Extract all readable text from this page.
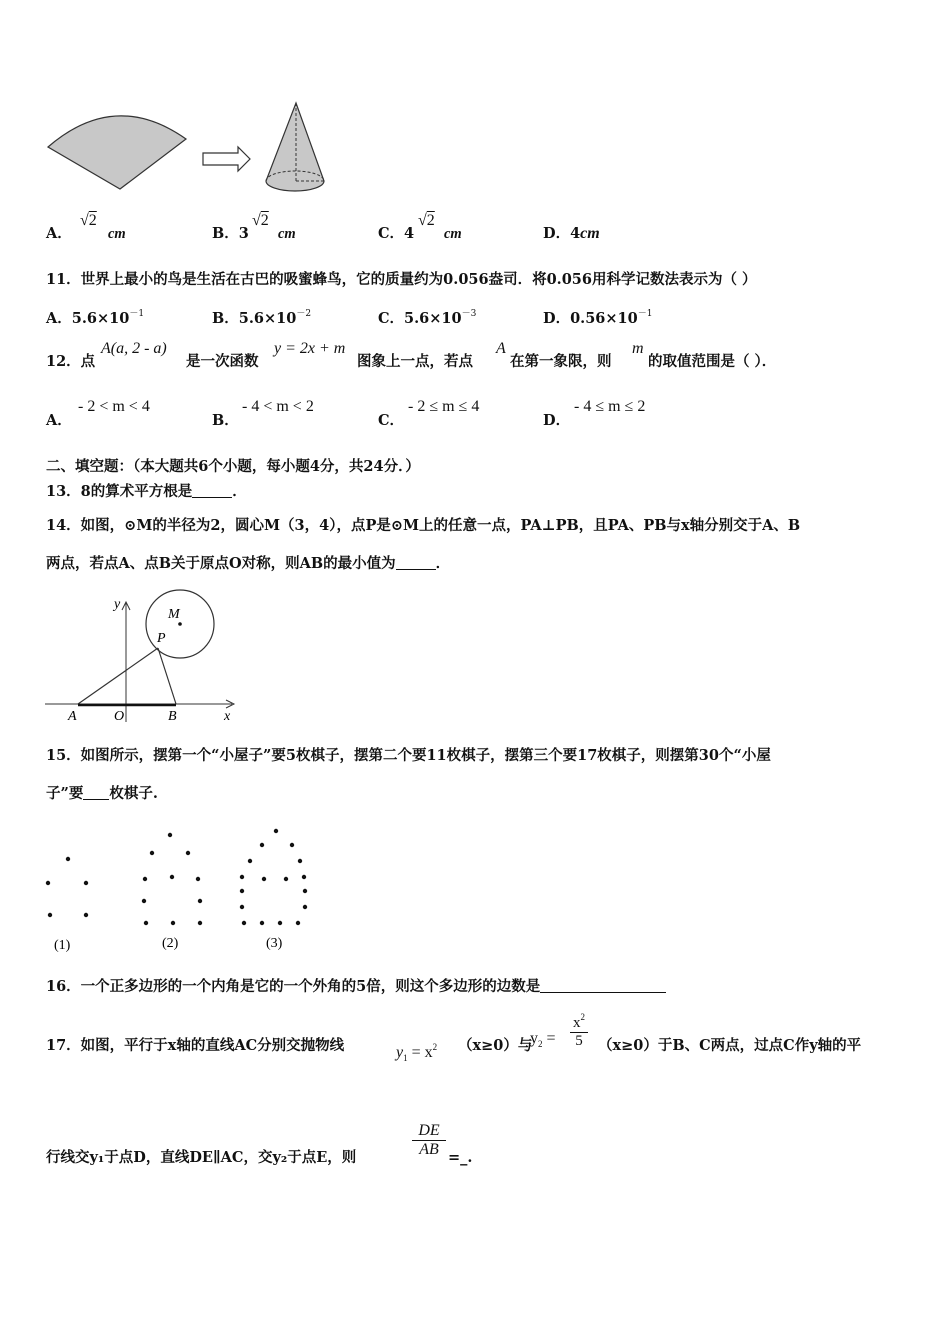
A．
√2
cm	B．3
√2
cm	C．4
√2
cm	D．4cm
11．世界上最小的鸟是生活在古巴的吸蜜蜂鸟，它的质量约为0.056盎司．将0.056用科学记数法表示为（ ）
A．$5.6\times 10^{-1}$	B．$5.6\times 10^{-2}$	C．$5.6\times 10^{-3}$	D．$0.56\times 10^{-1}$
12．点
A(a, 2 - a)
是一次函数
y = 2x + m
图象上一点，若点
A
在第一象限，则
m
的取值范围是（ ）．
A．
- 2 < m < 4
B．
- 4 < m < 2
C．
- 2 ≤ m ≤ 4
D．
- 4 ≤ m ≤ 2
二、填空题：（本大题共6个小题，每小题4分，共24分．）
13．8的算术平方根是	．
14．如图，⊙M的半径为2，圆心M（3，4），点P是⊙M上的任意一点，PA⊥PB，且PA、PB与x轴分别交于A、B
两点，若点A、点B关于原点O对称，则AB的最小值为	．
y
x
M
P
A	O	B
15．如图所示，摆第一个“小屋子”要5枚棋子，摆第二个要11枚棋子，摆第三个要17枚棋子，则摆第30个“小屋
子”要 枚棋子.
(1)	(2)	(3)
16．一个正多边形的一个内角是它的一个外角的5倍，则这个多边形的边数是
17．如图，平行于x轴的直线AC分别交抛物线	$y_1 = x^2$ （x≥0）与
$y_2 = \frac{x^2}{5} (x\ge 0)$于B、C两点，过点C作y轴的平
行线交y₁于点D，直线DE∥AC，交y₂于点E，则	$\frac{DE}{AB}$ =_.
